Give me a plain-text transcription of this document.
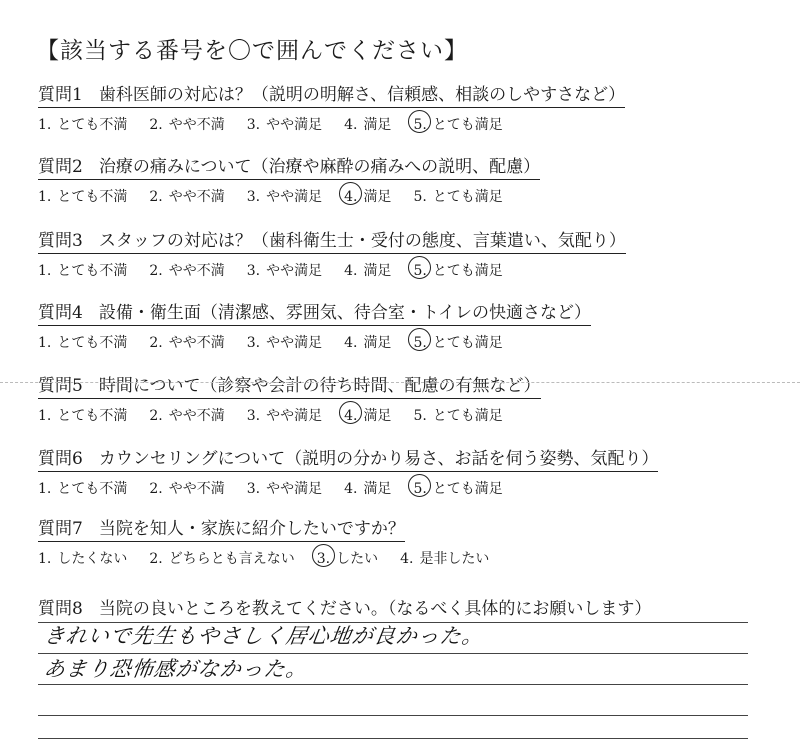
【該当する番号を〇で囲んでください】
質問1 歯科医師の対応は？（説明の明解さ、信頼感、相談のしやすさなど）
1. とても不満 2. やや不満 3. やや満足 4. 満足 5. とても満足
質問2 治療の痛みについて（治療や麻酔の痛みへの説明、配慮）
1. とても不満 2. やや不満 3. やや満足 4. 満足 5. とても満足
質問3 スタッフの対応は？（歯科衛生士・受付の態度、言葉遣い、気配り）
1. とても不満 2. やや不満 3. やや満足 4. 満足 5. とても満足
質問4 設備・衛生面（清潔感、雰囲気、待合室・トイレの快適さなど）
1. とても不満 2. やや不満 3. やや満足 4. 満足 5. とても満足
質問5 時間について（診察や会計の待ち時間、配慮の有無など）
1. とても不満 2. やや不満 3. やや満足 4. 満足 5. とても満足
質問6 カウンセリングについて（説明の分かり易さ、お話を伺う姿勢、気配り）
1. とても不満 2. やや不満 3. やや満足 4. 満足 5. とても満足
質問7 当院を知人・家族に紹介したいですか？
1. したくない 2. どちらとも言えない 3. したい 4. 是非したい
質問8 当院の良いところを教えてください。（なるべく具体的にお願いします）
きれいで先生もやさしく居心地が良かった。
あまり恐怖感がなかった。
